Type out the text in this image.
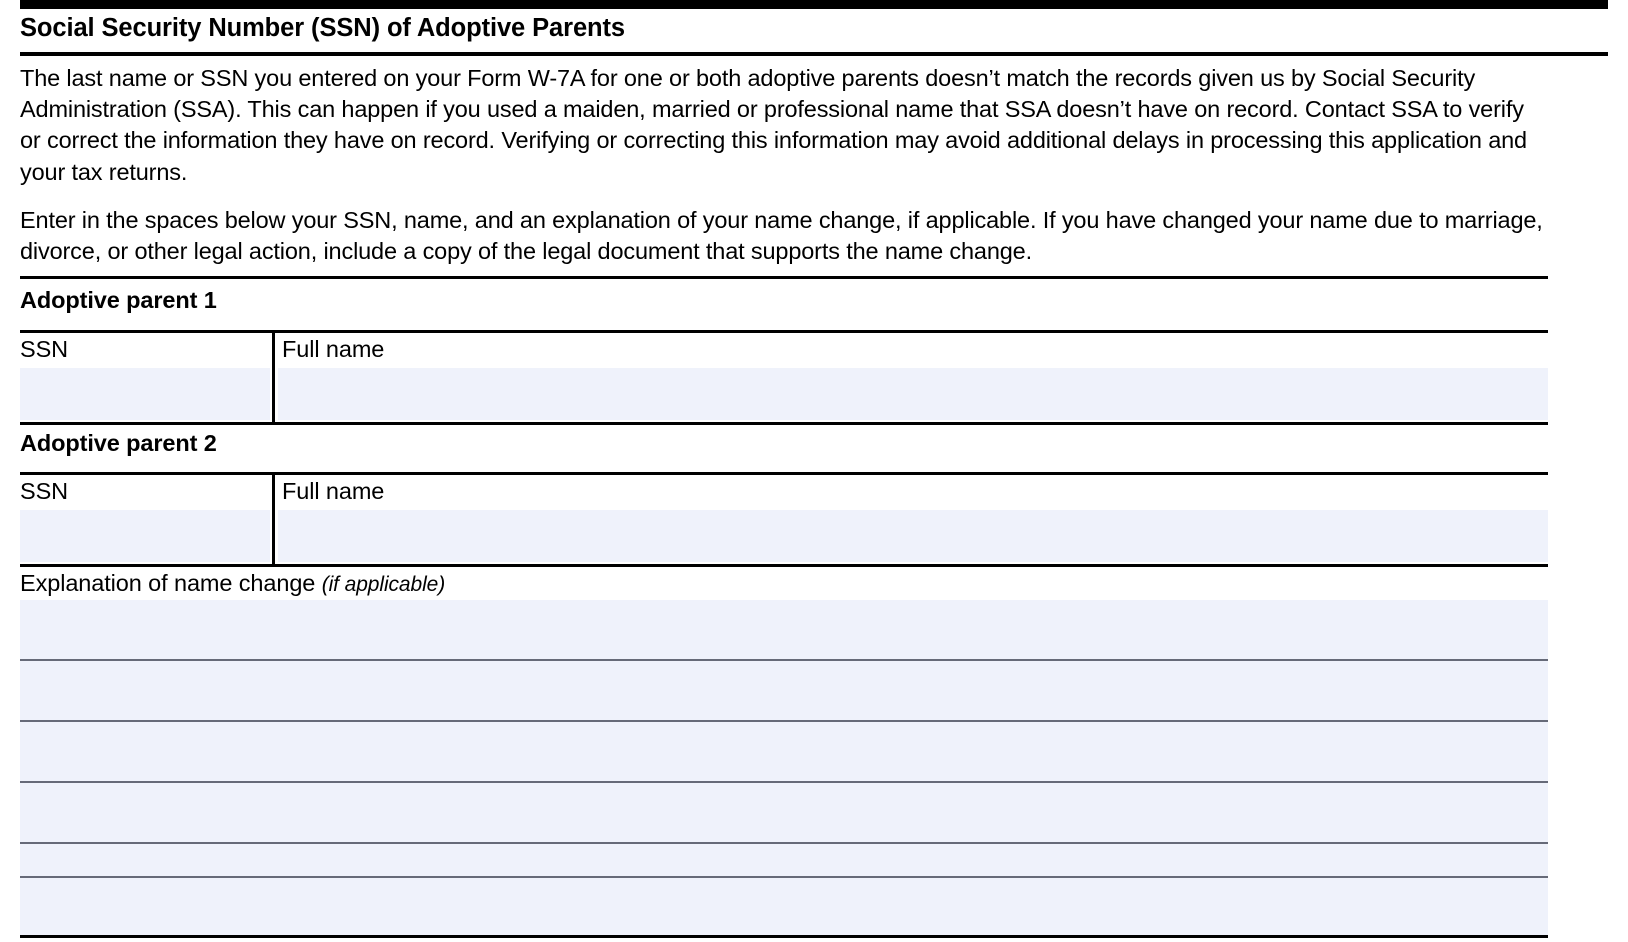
Social Security Number (SSN) of Adoptive Parents
The last name or SSN you entered on your Form W-7A for one or both adoptive parents doesn’t match the records given us by Social Security Administration (SSA). This can happen if you used a maiden, married or professional name that SSA doesn’t have on record. Contact SSA to verify or correct the information they have on record. Verifying or correcting this information may avoid additional delays in processing this application and your tax returns.
Enter in the spaces below your SSN, name, and an explanation of your name change, if applicable. If you have changed your name due to marriage, divorce, or other legal action, include a copy of the legal document that supports the name change.
Adoptive parent 1
SSN	Full name
Adoptive parent 2
SSN	Full name
Explanation of name change (if applicable)
